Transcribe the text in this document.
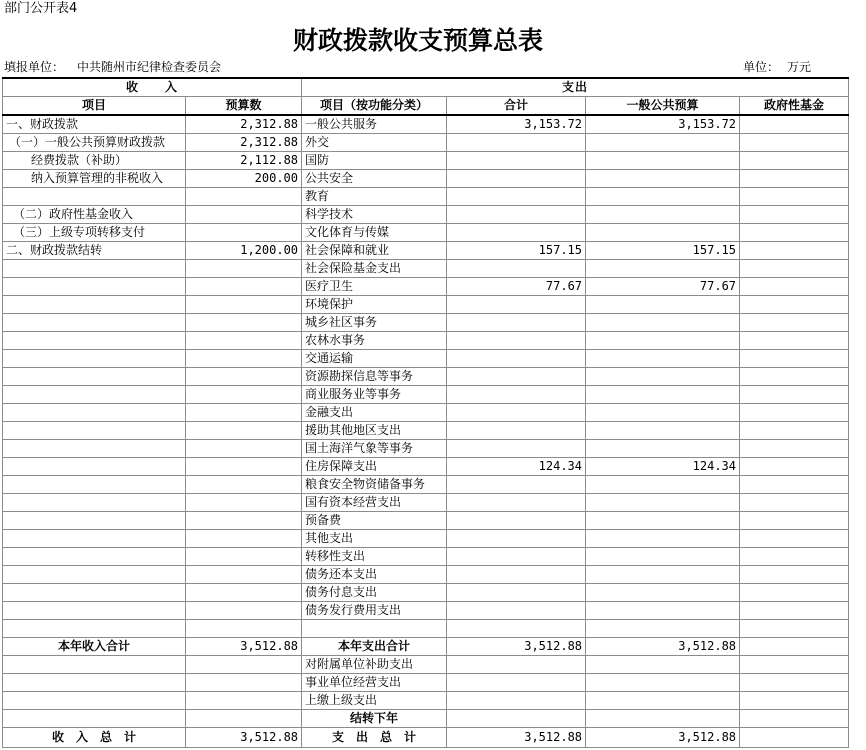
部门公开表4
财政拨款收支预算总表
填报单位： 中共随州市纪律检查委员会	单位： 万元
收　　入		支出			
项目	预算数	项目（按功能分类）	合计	一般公共预算	政府性基金
一、财政拨款	2,312.88	一般公共服务	3,153.72	3,153.72	
（一）一般公共预算财政拨款	2,312.88	外交			
经费拨款（补助）	2,112.88	国防			
纳入预算管理的非税收入	200.00	公共安全			
		教育			
（二）政府性基金收入		科学技术			
（三）上级专项转移支付		文化体育与传媒			
二、财政拨款结转	1,200.00	社会保障和就业	157.15	157.15	
		社会保险基金支出			
		医疗卫生	77.67	77.67	
		环境保护			
		城乡社区事务			
		农林水事务			
		交通运输			
		资源勘探信息等事务			
		商业服务业等事务			
		金融支出			
		援助其他地区支出			
		国土海洋气象等事务			
		住房保障支出	124.34	124.34	
		粮食安全物资储备事务			
		国有资本经营支出			
		预备费			
		其他支出			
		转移性支出			
		债务还本支出			
		债务付息支出			
		债务发行费用支出			

本年收入合计	3,512.88	本年支出合计	3,512.88	3,512.88	
		对附属单位补助支出			
		事业单位经营支出			
		上缴上级支出			
		结转下年			
收　入　总　计	3,512.88	支　出　总　计	3,512.88	3,512.88	
